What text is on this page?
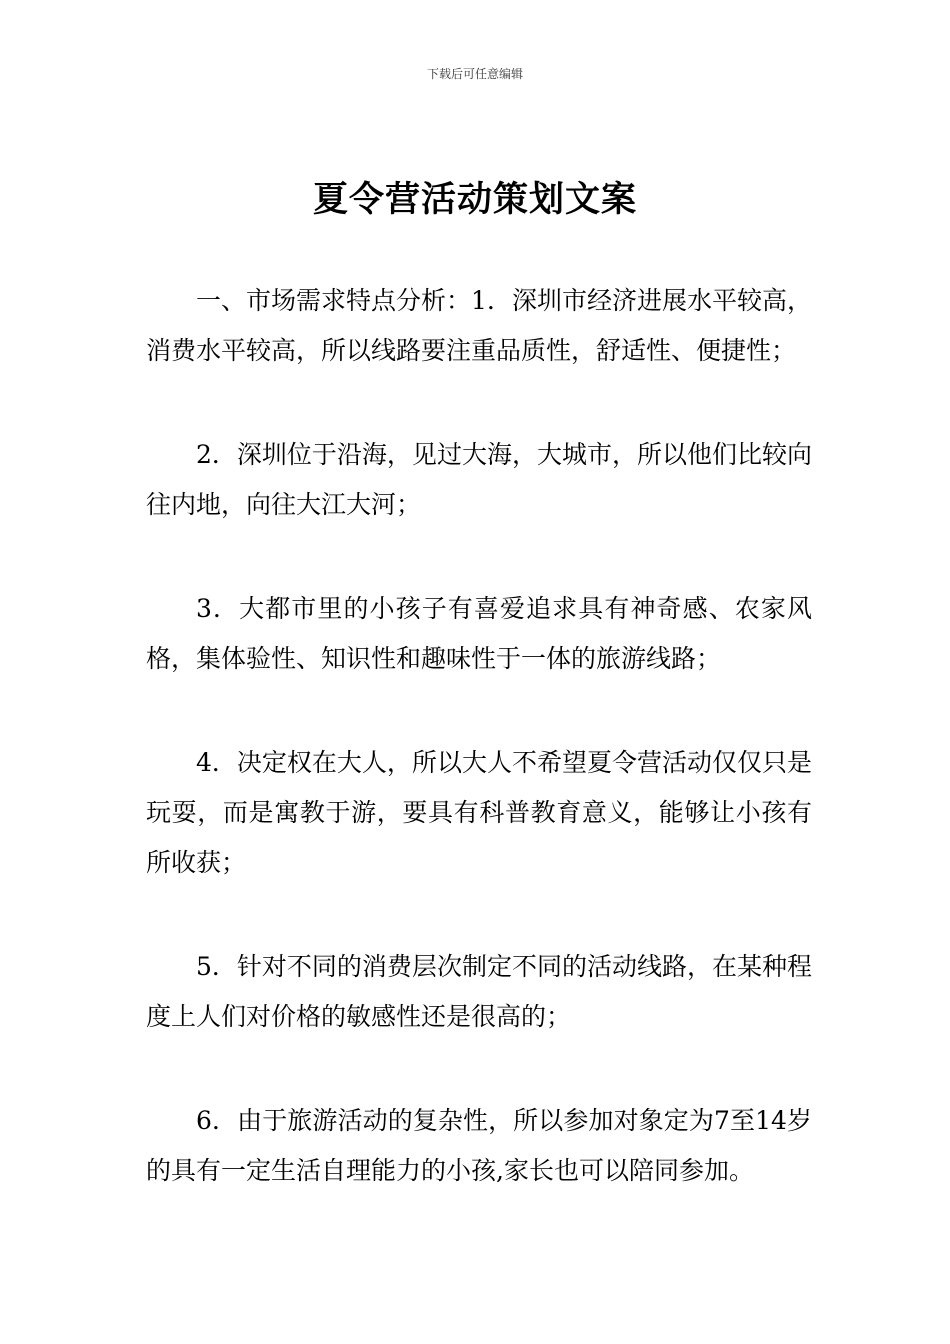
下载后可任意编辑
夏令营活动策划文案

一、市场需求特点分析：1．深圳市经济进展水平较高，消费水平较高，所以线路要注重品质性，舒适性、便捷性；

2．深圳位于沿海，见过大海，大城市，所以他们比较向往内地，向往大江大河；

3．大都市里的小孩子有喜爱追求具有神奇感、农家风格，集体验性、知识性和趣味性于一体的旅游线路；

4．决定权在大人，所以大人不希望夏令营活动仅仅只是玩耍，而是寓教于游，要具有科普教育意义，能够让小孩有所收获；

5．针对不同的消费层次制定不同的活动线路，在某种程度上人们对价格的敏感性还是很高的；

6．由于旅游活动的复杂性，所以参加对象定为7至14岁的具有一定生活自理能力的小孩,家长也可以陪同参加。
